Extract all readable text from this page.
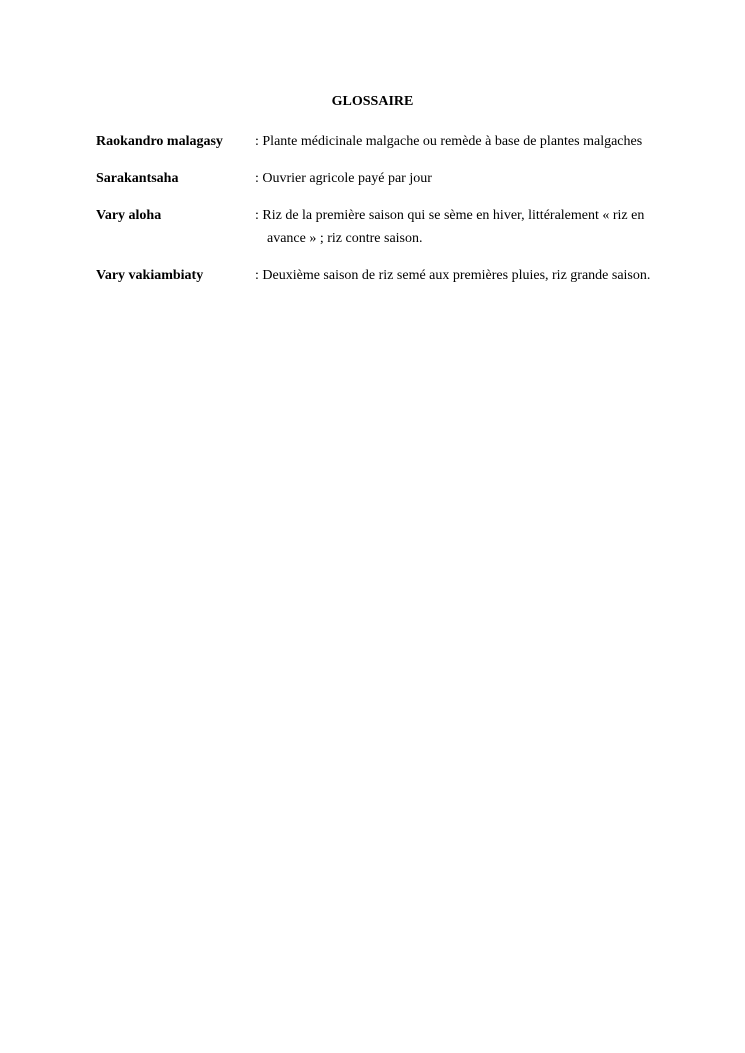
GLOSSAIRE
Raokandro malagasy	: Plante médicinale malgache ou remède à base de plantes malgaches
Sarakantsaha	: Ouvrier agricole payé par jour
Vary aloha	: Riz de la première saison qui se sème en hiver, littéralement « riz en avance » ; riz contre saison.
Vary vakiambiaty	: Deuxième saison de riz semé aux premières pluies, riz grande saison.
